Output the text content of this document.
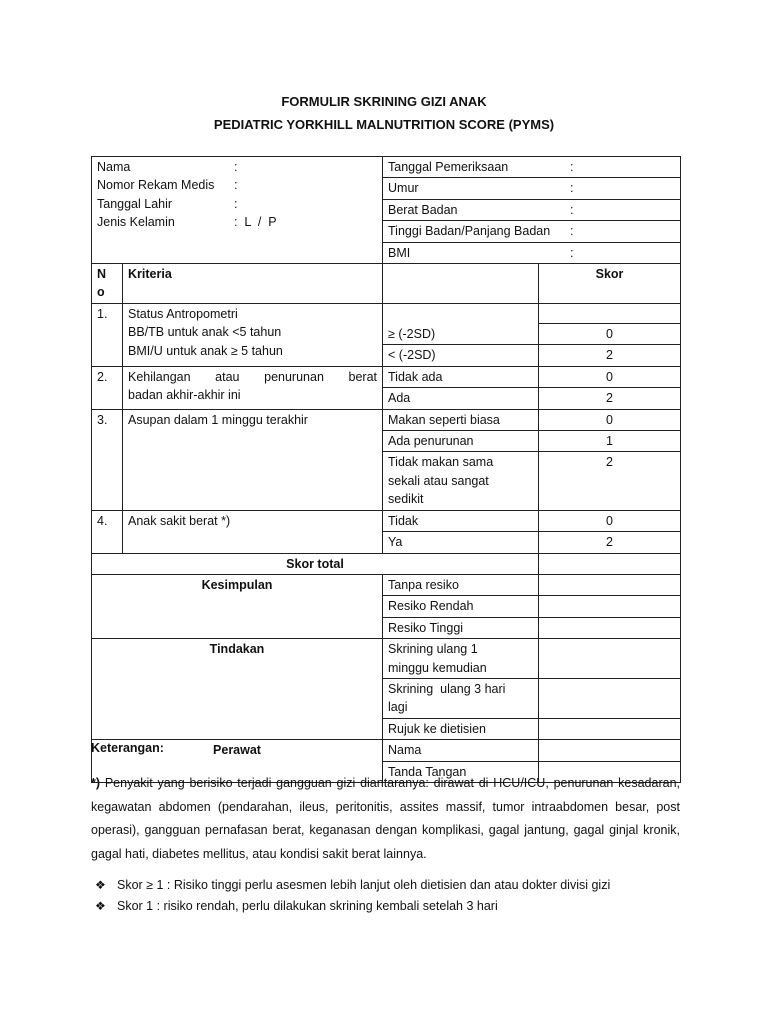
FORMULIR SKRINING GIZI ANAK
PEDIATRIC YORKHILL MALNUTRITION SCORE (PYMS)
Nama :
Nomor Rekam Medis :
Tanggal Lahir :
Jenis Kelamin :  L  /  P		Tanggal Pemeriksaan :	
		Umur :	
		Berat Badan :	
		Tinggi Badan/Panjang Badan :	
		BMI :	

N
o	Kriteria		Skor
1.	Status Antropometri
BB/TB untuk anak <5 tahun
BMI/U untuk anak ≥ 5 tahun		

		≥ (-2SD)	0
		< (-2SD)	2
2.	Kehilangan atau penurunan berat
badan akhir-akhir ini	Tidak ada	0
		Ada	2
3.	Asupan dalam 1 minggu terakhir	Makan seperti biasa	0
		Ada penurunan	1

		Tidak makan sama
sekali atau sangat
sedikit	2
4.	Anak sakit berat *)	Tidak	0
		Ya	2
Skor total			
Kesimpulan		Tanpa resiko	
		Resiko Rendah	
		Resiko Tinggi	
Tindakan		Skrining ulang 1
minggu kemudian	

		Skrining  ulang 3 hari
lagi	

		Rujuk ke dietisien	
Perawat		Nama	
		Tanda Tangan	
Keterangan:
*) Penyakit yang berisiko terjadi gangguan gizi diantaranya: dirawat di HCU/ICU, penurunan kesadaran, kegawatan abdomen (pendarahan, ileus, peritonitis, assites massif, tumor intraabdomen besar, post operasi), gangguan pernafasan berat, keganasan dengan komplikasi, gagal jantung, gagal ginjal kronik, gagal hati, diabetes mellitus, atau kondisi sakit berat lainnya.
❖ Skor ≥ 1 : Risiko tinggi perlu asesmen lebih lanjut oleh dietisien dan atau dokter divisi gizi
❖ Skor 1 : risiko rendah, perlu dilakukan skrining kembali setelah 3 hari
